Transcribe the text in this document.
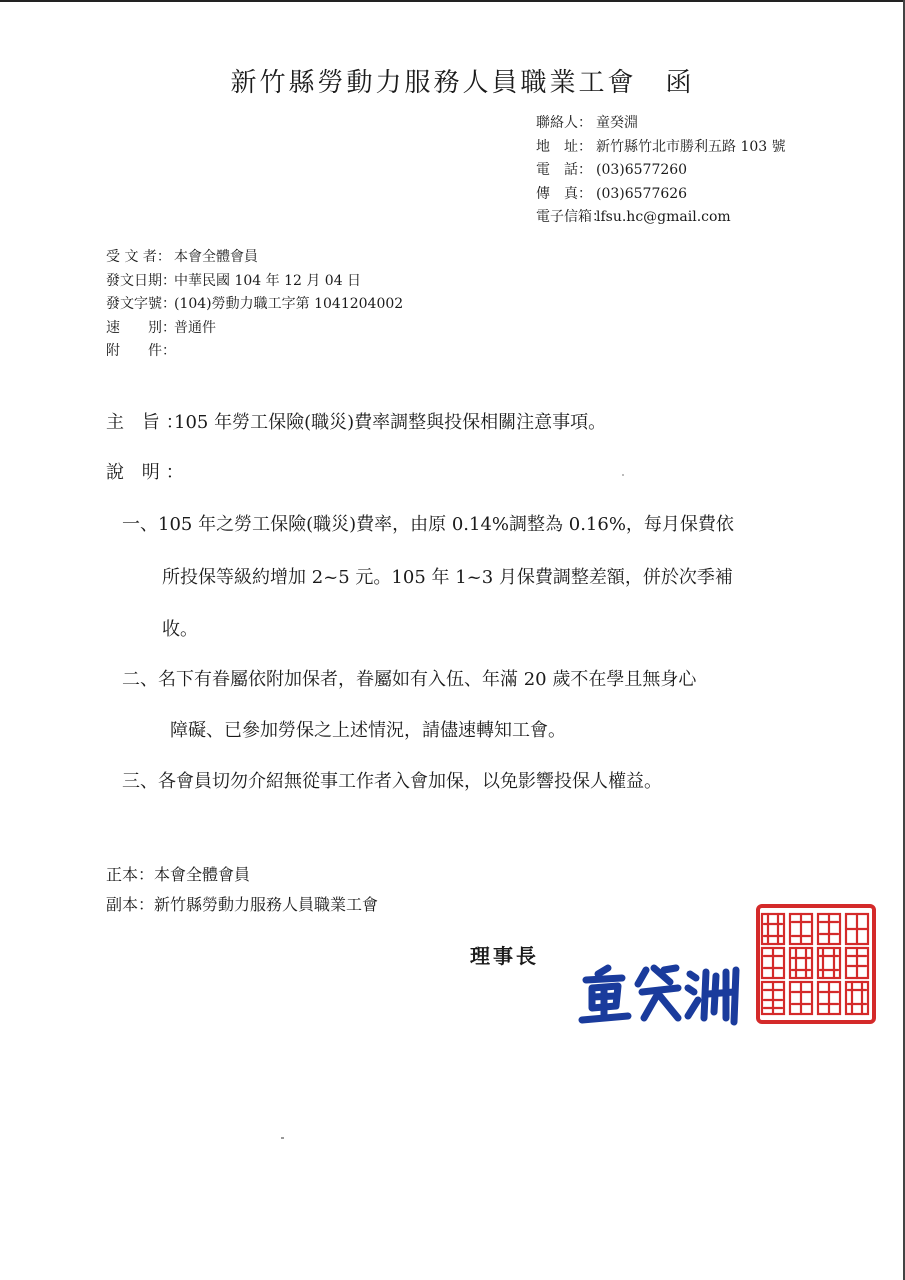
新竹縣勞動力服務人員職業工會　函
聯絡人： 童癸淵
地　址： 新竹縣竹北市勝利五路 103 號
電　話： (03)6577260
傳　真： (03)6577626
電子信箱：lfsu.hc@gmail.com
受 文 者： 本會全體會員
發文日期：中華民國 104 年 12 月 04 日
發文字號：(104)勞動力職工字第 1041204002
速　　別：普通件
附　　件：
主 旨：105 年勞工保險(職災)費率調整與投保相關注意事項。
說 明：
一、105 年之勞工保險(職災)費率，由原 0.14%調整為 0.16%，每月保費依
所投保等級約增加 2~5 元。105 年 1~3 月保費調整差額，併於次季補
收。
二、名下有眷屬依附加保者，眷屬如有入伍、年滿 20 歲不在學且無身心
障礙、已參加勞保之上述情況，請儘速轉知工會。
三、各會員切勿介紹無從事工作者入會加保，以免影響投保人權益。
正本：本會全體會員
副本：新竹縣勞動力服務人員職業工會
理事長
